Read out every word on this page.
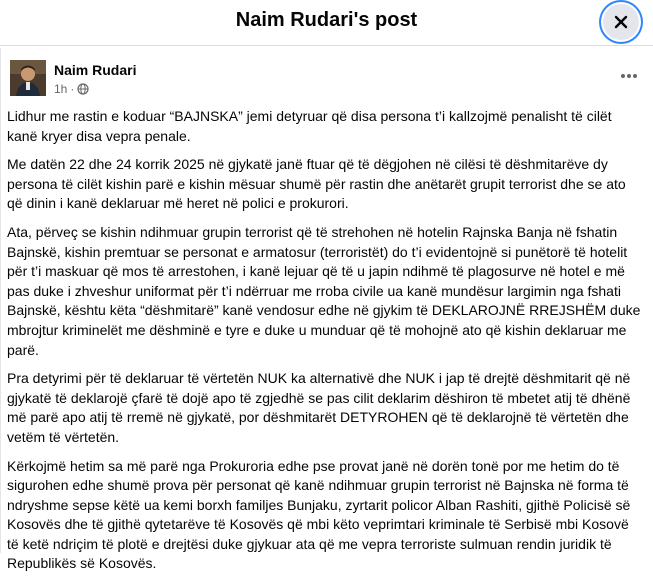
Naim Rudari's post
Naim Rudari
1h ·

Lidhur me rastin e koduar “BAJNSKA” jemi detyruar që disa persona t’i kallzojmë penalisht të cilët kanë kryer disa vepra penale.

Me datën 22 dhe 24 korrik 2025 në gjykatë janë ftuar që të dëgjohen në cilësi të dëshmitarëve dy persona të cilët kishin parë e kishin mësuar shumë për rastin dhe anëtarët grupit terrorist dhe se ato që dinin i kanë deklaruar më heret në polici e prokurori.

Ata, përveç se kishin ndihmuar grupin terrorist që të strehohen në hotelin Rajnska Banja në fshatin Bajnskë, kishin premtuar se personat e armatosur (terroristët) do t’i evidentojnë si punëtorë të hotelit për t’i maskuar që mos të arrestohen, i kanë lejuar që të u japin ndihmë të plagosurve në hotel e më pas duke i zhveshur uniformat për t’i ndërruar me rroba civile ua kanë mundësur largimin nga fshati Bajnskë, kështu këta “dëshmitarë” kanë vendosur edhe në gjykim të DEKLAROJNË RREJSHËM duke mbrojtur kriminelët me dëshminë e tyre e duke u munduar që të mohojnë ato që kishin deklaruar me parë.

Pra detyrimi për të deklaruar të vërtetën NUK ka alternativë dhe NUK i jap të drejtë dëshmitarit që në gjykatë të deklarojë çfarë të dojë apo të zgjedhë se pas cilit deklarim dëshiron të mbetet atij të dhënë më parë apo atij të rremë në gjykatë, por dëshmitarët DETYROHEN që të deklarojnë të vërtetën dhe vetëm të vërtetën.

Kërkojmë hetim sa më parë nga Prokuroria edhe pse provat janë në dorën tonë por me hetim do të sigurohen edhe shumë prova për personat që kanë ndihmuar grupin terrorist në Bajnska në forma të ndryshme sepse këtë ua kemi borxh familjes Bunjaku, zyrtarit policor Alban Rashiti, gjithë Policisë së Kosovës dhe të gjithë qytetarëve të Kosovës që mbi këto veprimtari kriminale të Serbisë mbi Kosovë të ketë ndriçim të plotë e drejtësi duke gjykuar ata që me vepra terroriste sulmuan rendin juridik të Republikës së Kosovës.
